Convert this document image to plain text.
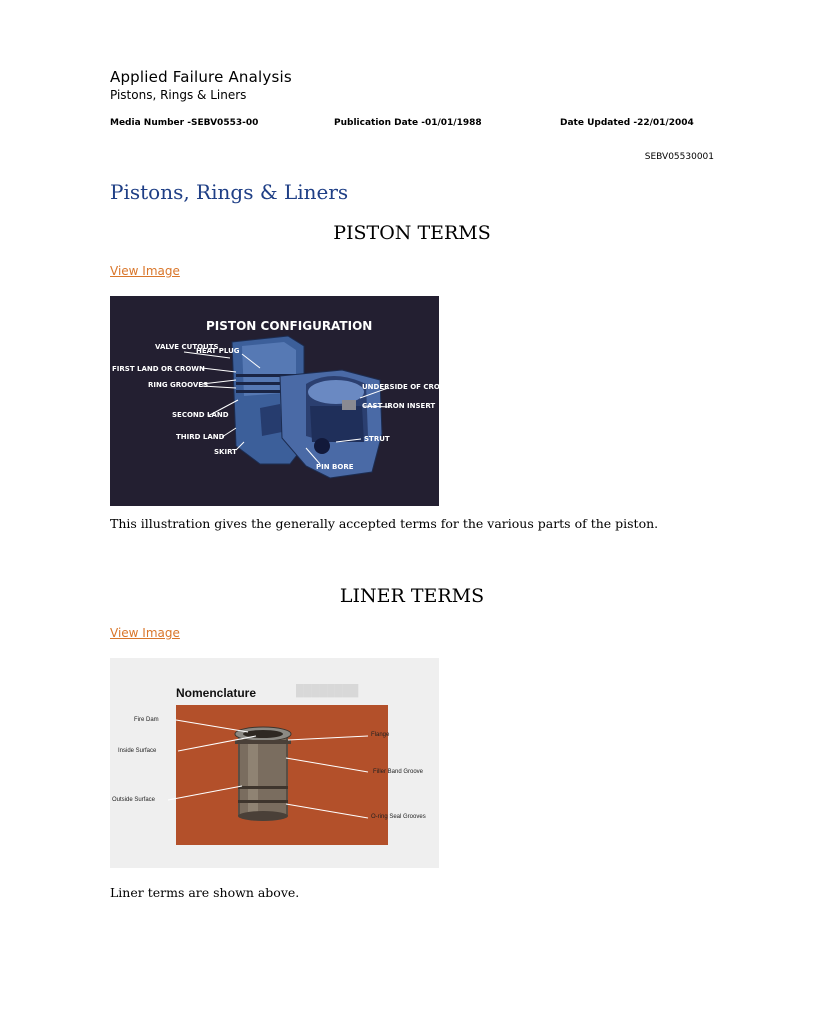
Applied Failure Analysis
Pistons, Rings & Liners
Media Number -SEBV0553-00	Publication Date -01/01/1988	Date Updated -22/01/2004
SEBV05530001
Pistons, Rings & Liners
PISTON TERMS
View Image
PISTON CONFIGURATION
VALVE CUTOUTS
HEAT PLUG
FIRST LAND OR CROWN
RING GROOVES
SECOND LAND
THIRD LAND
SKIRT
UNDERSIDE OF CROWN
CAST IRON INSERT
STRUT
PIN BORE
This illustration gives the generally accepted terms for the various parts of the piston.
LINER TERMS
View Image
Nomenclature	████████
Fire Dam
Inside Surface
Outside Surface
Flange
Filler Band Groove
O-ring Seal Grooves
Liner terms are shown above.
